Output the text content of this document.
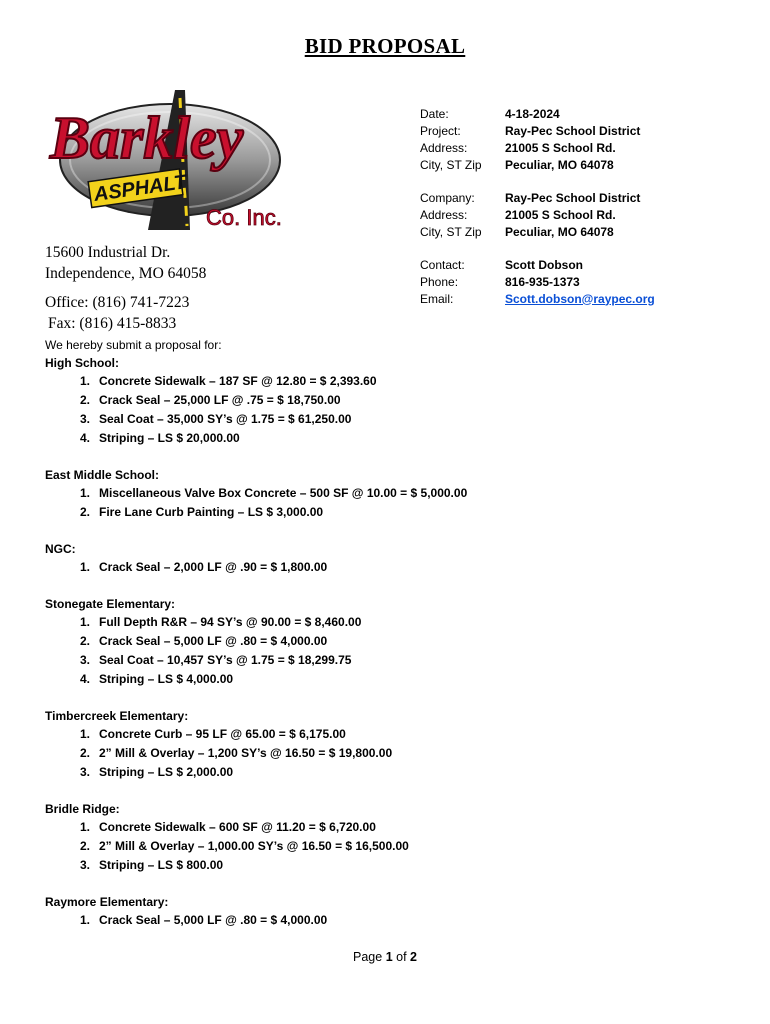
BID PROPOSAL
Barkley
ASPHALT
Co. Inc.
15600 Industrial Dr.
Independence, MO 64058
Office: (816) 741-7223
Fax: (816) 415-8833
Date:	4-18-2024
Project:	Ray-Pec School District
Address:	21005 S School Rd.
City, ST Zip	Peculiar, MO 64078
Company:	Ray-Pec School District
Address:	21005 S School Rd.
City, ST Zip	Peculiar, MO 64078
Contact:	Scott Dobson
Phone:	816-935-1373
Email:	Scott.dobson@raypec.org
We hereby submit a proposal for:
High School:
1. Concrete Sidewalk – 187 SF @ 12.80 = $ 2,393.60
2. Crack Seal – 25,000 LF @ .75 = $ 18,750.00
3. Seal Coat – 35,000 SY’s @ 1.75 = $ 61,250.00
4. Striping – LS $ 20,000.00
East Middle School:
1. Miscellaneous Valve Box Concrete – 500 SF @ 10.00 = $ 5,000.00
2. Fire Lane Curb Painting – LS $ 3,000.00
NGC:
1. Crack Seal – 2,000 LF @ .90 = $ 1,800.00
Stonegate Elementary:
1. Full Depth R&R – 94 SY’s @ 90.00 = $ 8,460.00
2. Crack Seal – 5,000 LF @ .80 = $ 4,000.00
3. Seal Coat – 10,457 SY’s @ 1.75 = $ 18,299.75
4. Striping – LS $ 4,000.00
Timbercreek Elementary:
1. Concrete Curb – 95 LF @ 65.00 = $ 6,175.00
2. 2” Mill & Overlay – 1,200 SY’s @ 16.50 = $ 19,800.00
3. Striping – LS $ 2,000.00
Bridle Ridge:
1. Concrete Sidewalk – 600 SF @ 11.20 = $ 6,720.00
2. 2” Mill & Overlay – 1,000.00 SY’s @ 16.50 = $ 16,500.00
3. Striping – LS $ 800.00
Raymore Elementary:
1. Crack Seal – 5,000 LF @ .80 = $ 4,000.00
Page 1 of 2
